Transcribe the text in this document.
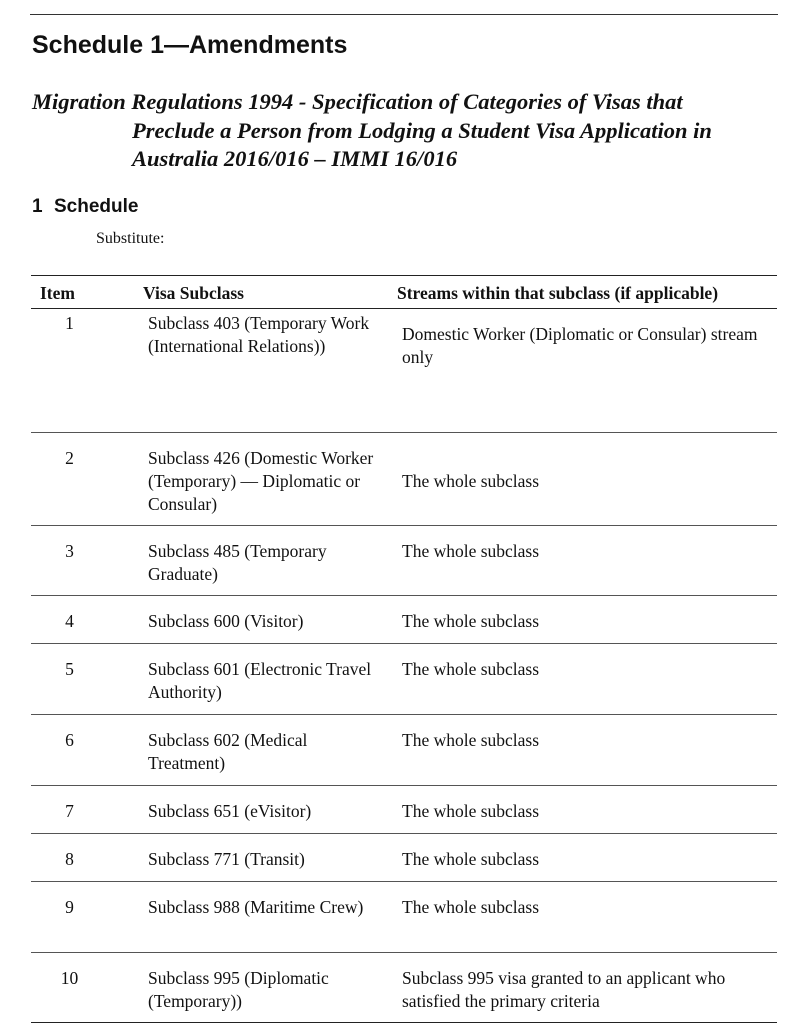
Schedule 1—Amendments
Migration Regulations 1994 - Specification of Categories of Visas that
Preclude a Person from Lodging a Student Visa Application in Australia 2016/016 – IMMI 16/016
1 Schedule
Substitute:
Item	Visa Subclass	Streams within that subclass (if applicable)
1	Subclass 403 (Temporary Work (International Relations))	Domestic Worker (Diplomatic or Consular) stream only
2	Subclass 426 (Domestic Worker (Temporary) — Diplomatic or Consular)	The whole subclass
3	Subclass 485 (Temporary Graduate)	The whole subclass
4	Subclass 600 (Visitor)	The whole subclass
5	Subclass 601 (Electronic Travel Authority)	The whole subclass
6	Subclass 602 (Medical Treatment)	The whole subclass
7	Subclass 651 (eVisitor)	The whole subclass
8	Subclass 771 (Transit)	The whole subclass
9	Subclass 988 (Maritime Crew)	The whole subclass
10	Subclass 995 (Diplomatic (Temporary))	Subclass 995 visa granted to an applicant who satisfied the primary criteria
